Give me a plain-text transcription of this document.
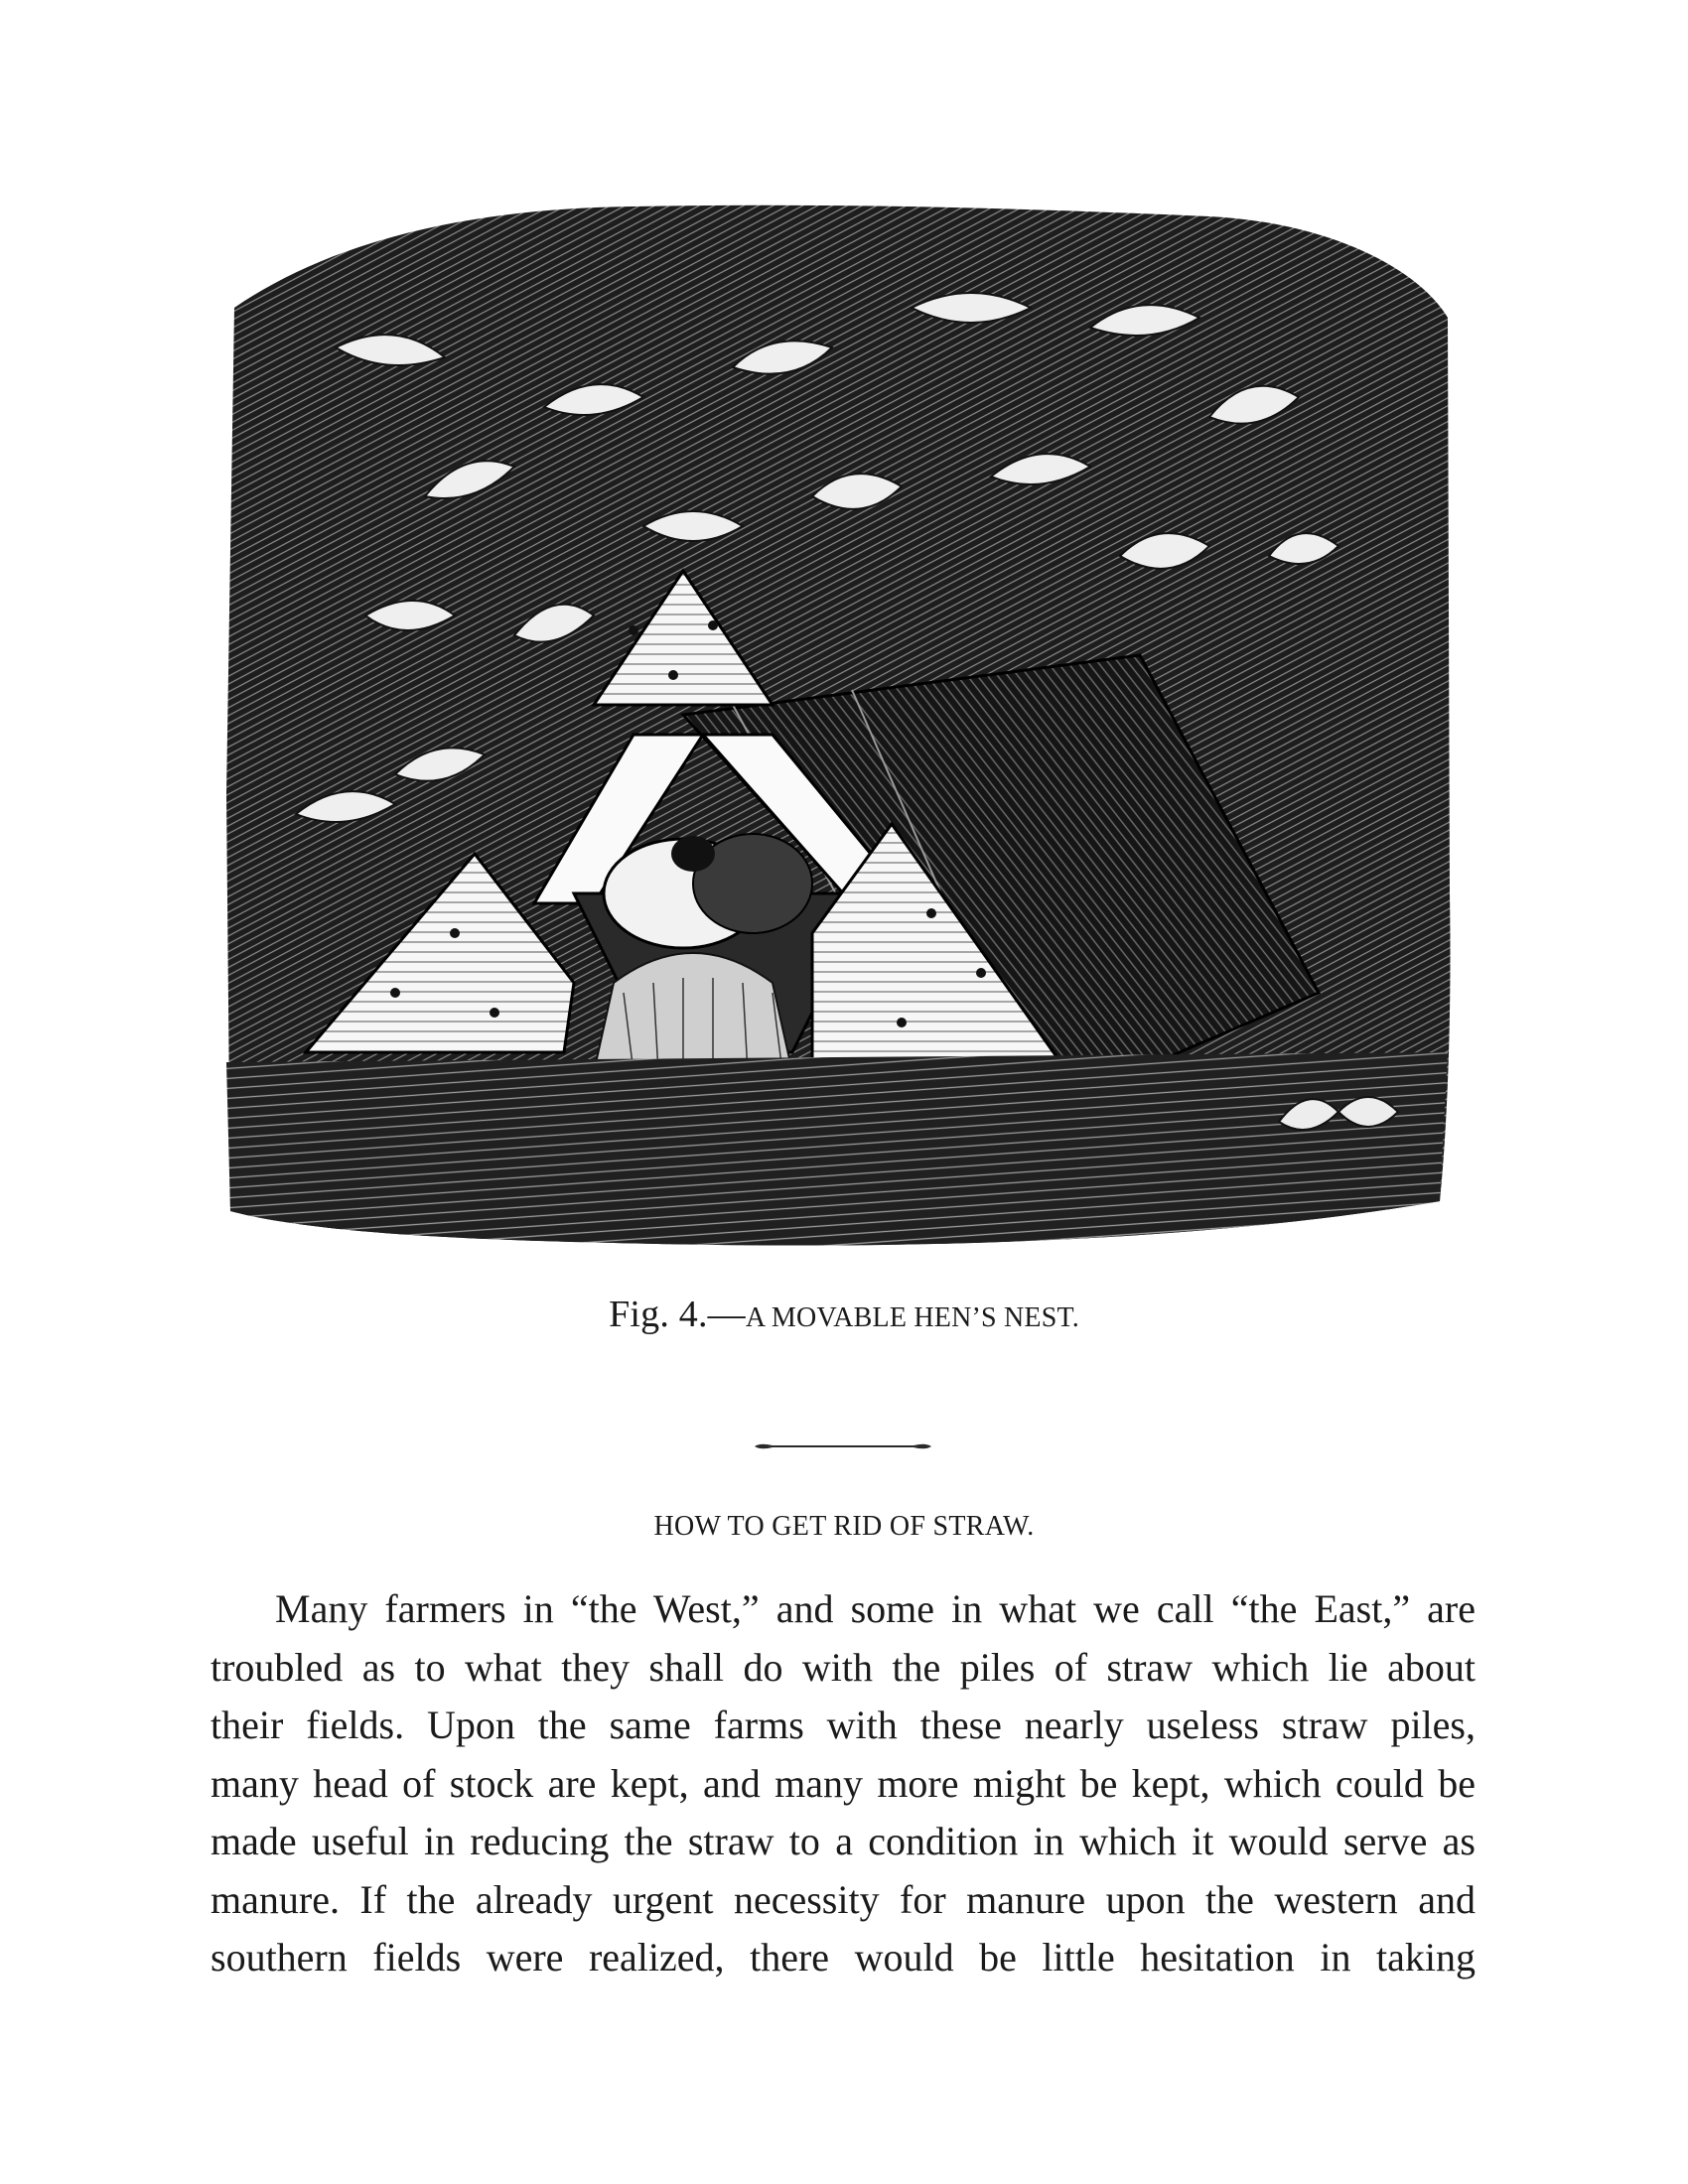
Fig. 4.—A MOVABLE HEN’S NEST.
HOW TO GET RID OF STRAW.
Many farmers in “the West,” and some in what we call “the East,” are
troubled as to what they shall do with the piles of straw which lie about
their fields. Upon the same farms with these nearly useless straw piles,
many head of stock are kept, and many more might be kept, which could be
made useful in reducing the straw to a condition in which it would serve as
manure. If the already urgent necessity for manure upon the western and
southern fields were realized, there would be little hesitation in taking
